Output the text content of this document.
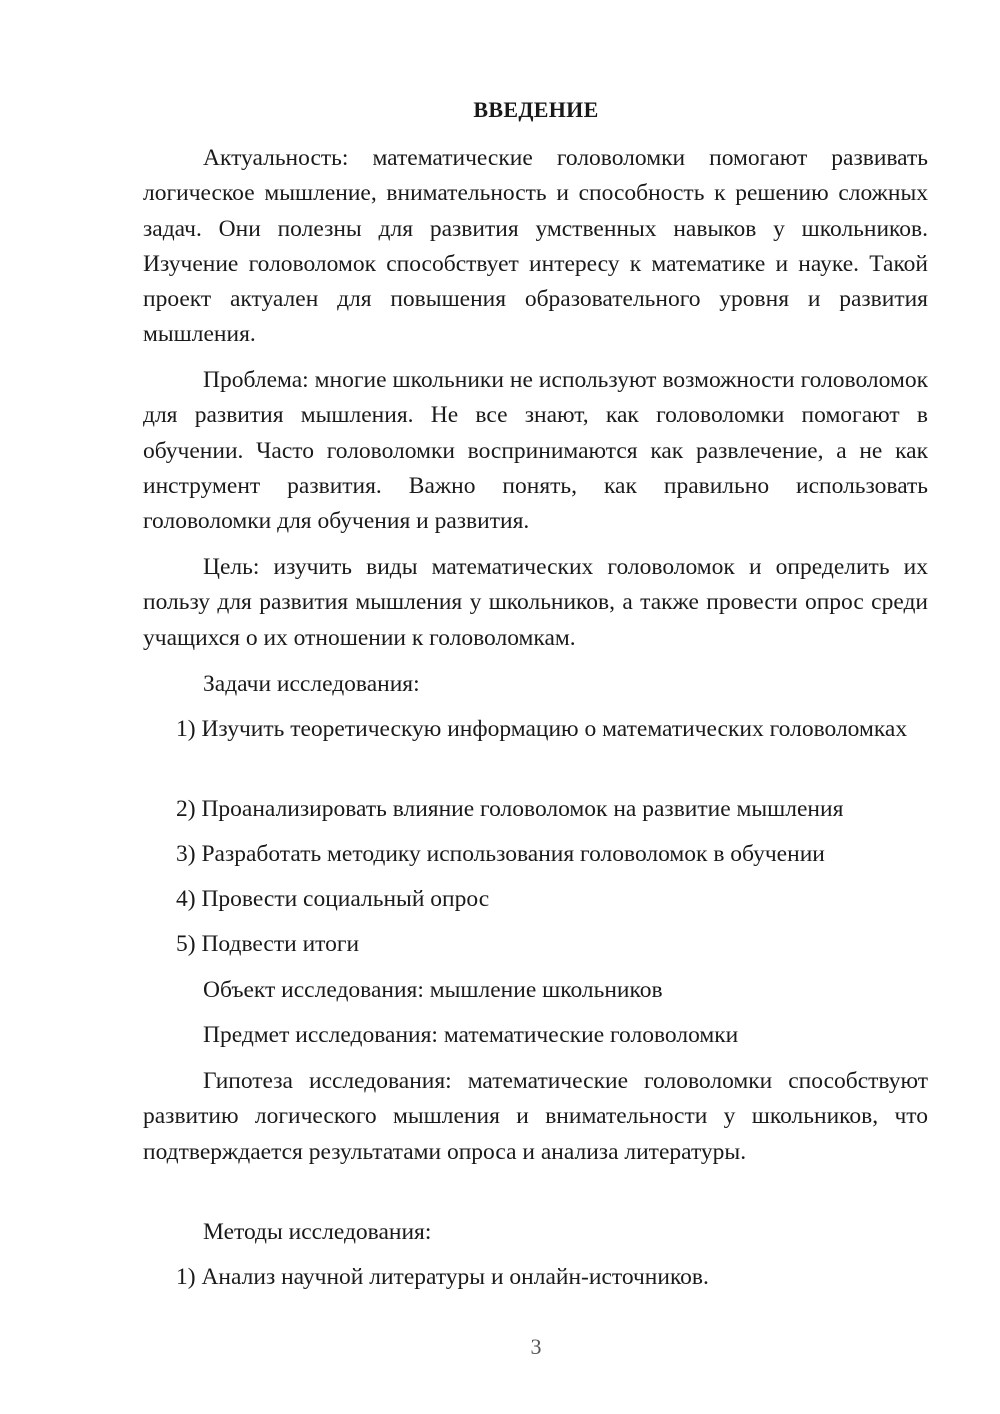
ВВЕДЕНИЕ

Актуальность: математические головоломки помогают развивать логическое мышление, внимательность и способность к решению сложных задач. Они полезны для развития умственных навыков у школьников. Изучение головоломок способствует интересу к математике и науке. Такой проект актуален для повышения образовательного уровня и развития мышления.

Проблема: многие школьники не используют возможности головоломок для развития мышления. Не все знают, как головоломки помогают в обучении. Часто головоломки воспринимаются как развлечение, а не как инструмент развития. Важно понять, как правильно использовать головоломки для обучения и развития.

Цель: изучить виды математических головоломок и определить их пользу для развития мышления у школьников, а также провести опрос среди учащихся о их отношении к головоломкам.

Задачи исследования:

1) Изучить теоретическую информацию о математических головоломках

2) Проанализировать влияние головоломок на развитие мышления
3) Разработать методику использования головоломок в обучении
4) Провести социальный опрос
5) Подвести итоги
Объект исследования: мышление школьников
Предмет исследования: математические головоломки

Гипотеза исследования: математические головоломки способствуют развитию логического мышления и внимательности у школьников, что подтверждается результатами опроса и анализа литературы.

Методы исследования:
1) Анализ научной литературы и онлайн-источников.
3
